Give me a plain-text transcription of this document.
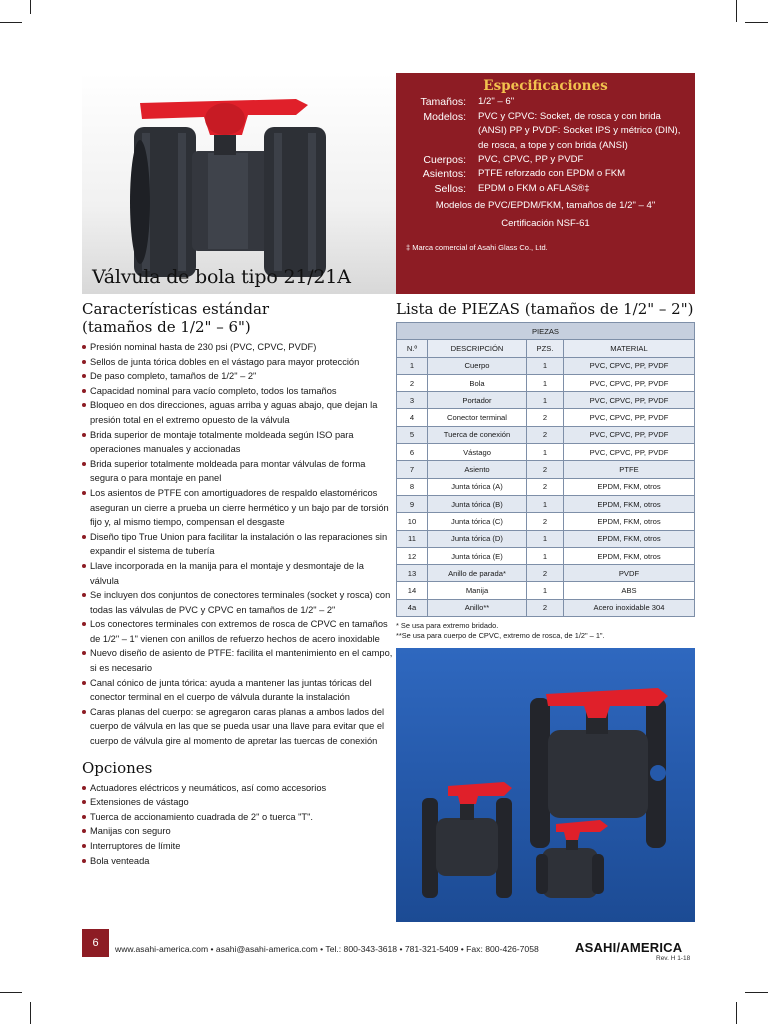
Válvula de bola tipo 21/21A
Especificaciones
Tamaños:	1/2" – 6"
Modelos:	PVC y CPVC: Socket, de rosca y con brida (ANSI) PP y PVDF: Socket IPS y métrico (DIN), de rosca, a tope y con brida (ANSI)
Cuerpos:	PVC, CPVC, PP y PVDF
Asientos:	PTFE reforzado con EPDM o FKM
Sellos:	EPDM o FKM o AFLAS®‡
Modelos de PVC/EPDM/FKM, tamaños de 1/2" – 4"
Certificación NSF-61
‡ Marca comercial of Asahi Glass Co., Ltd.
Características estándar
(tamaños de 1/2" – 6")
Presión nominal hasta de 230 psi (PVC, CPVC, PVDF)
Sellos de junta tórica dobles en el vástago para mayor protección
De paso completo, tamaños de 1/2" – 2"
Capacidad nominal para vacío completo, todos los tamaños
Bloqueo en dos direcciones, aguas arriba y aguas abajo, que dejan la presión total en el extremo opuesto de la válvula
Brida superior de montaje totalmente moldeada según ISO para operaciones manuales y accionadas
Brida superior totalmente moldeada para montar válvulas de forma segura o para montaje en panel
Los asientos de PTFE con amortiguadores de respaldo elastoméricos aseguran un cierre a prueba un cierre hermético y un bajo par de torsión fijo y, al mismo tiempo, compensan el desgaste
Diseño tipo True Union para facilitar la instalación o las reparaciones sin expandir el sistema de tubería
Llave incorporada en la manija para el montaje y desmontaje de la válvula
Se incluyen dos conjuntos de conectores terminales (socket y rosca) con todas las válvulas de PVC y CPVC en tamaños de 1/2" – 2"
Los conectores terminales con extremos de rosca de CPVC en tamaños de 1/2" – 1" vienen con anillos de refuerzo hechos de acero inoxidable
Nuevo diseño de asiento de PTFE: facilita el mantenimiento en el campo, si es necesario
Canal cónico de junta tórica: ayuda a mantener las juntas tóricas del conector terminal en el cuerpo de válvula durante la instalación
Caras planas del cuerpo: se agregaron caras planas a ambos lados del cuerpo de válvula en las que se pueda usar una llave para evitar que el cuerpo de válvula gire al momento de apretar las tuercas de conexión
Opciones
Actuadores eléctricos y neumáticos, así como accesorios
Extensiones de vástago
Tuerca de accionamiento cuadrada de 2" o tuerca "T".
Manijas con seguro
Interruptores de límite
Bola venteada
Lista de PIEZAS (tamaños de 1/2" – 2")
PIEZAS			
N.º	DESCRIPCIÓN	PZS.	MATERIAL
1	Cuerpo	1	PVC, CPVC, PP, PVDF
2	Bola	1	PVC, CPVC, PP, PVDF
3	Portador	1	PVC, CPVC, PP, PVDF
4	Conector terminal	2	PVC, CPVC, PP, PVDF
5	Tuerca de conexión	2	PVC, CPVC, PP, PVDF
6	Vástago	1	PVC, CPVC, PP, PVDF
7	Asiento	2	PTFE
8	Junta tórica (A)	2	EPDM, FKM, otros
9	Junta tórica (B)	1	EPDM, FKM, otros
10	Junta tórica (C)	2	EPDM, FKM, otros
11	Junta tórica (D)	1	EPDM, FKM, otros
12	Junta tórica (E)	1	EPDM, FKM, otros
13	Anillo de parada*	2	PVDF
14	Manija	1	ABS
4a	Anillo**	2	Acero inoxidable 304
* Se usa para extremo bridado.
**Se usa para cuerpo de CPVC, extremo de rosca, de 1/2" – 1".
6	www.asahi-america.com • asahi@asahi-america.com • Tel.: 800-343-3618 • 781-321-5409 • Fax: 800-426-7058	ASAHI/AMERICA
Rev. H 1-18
